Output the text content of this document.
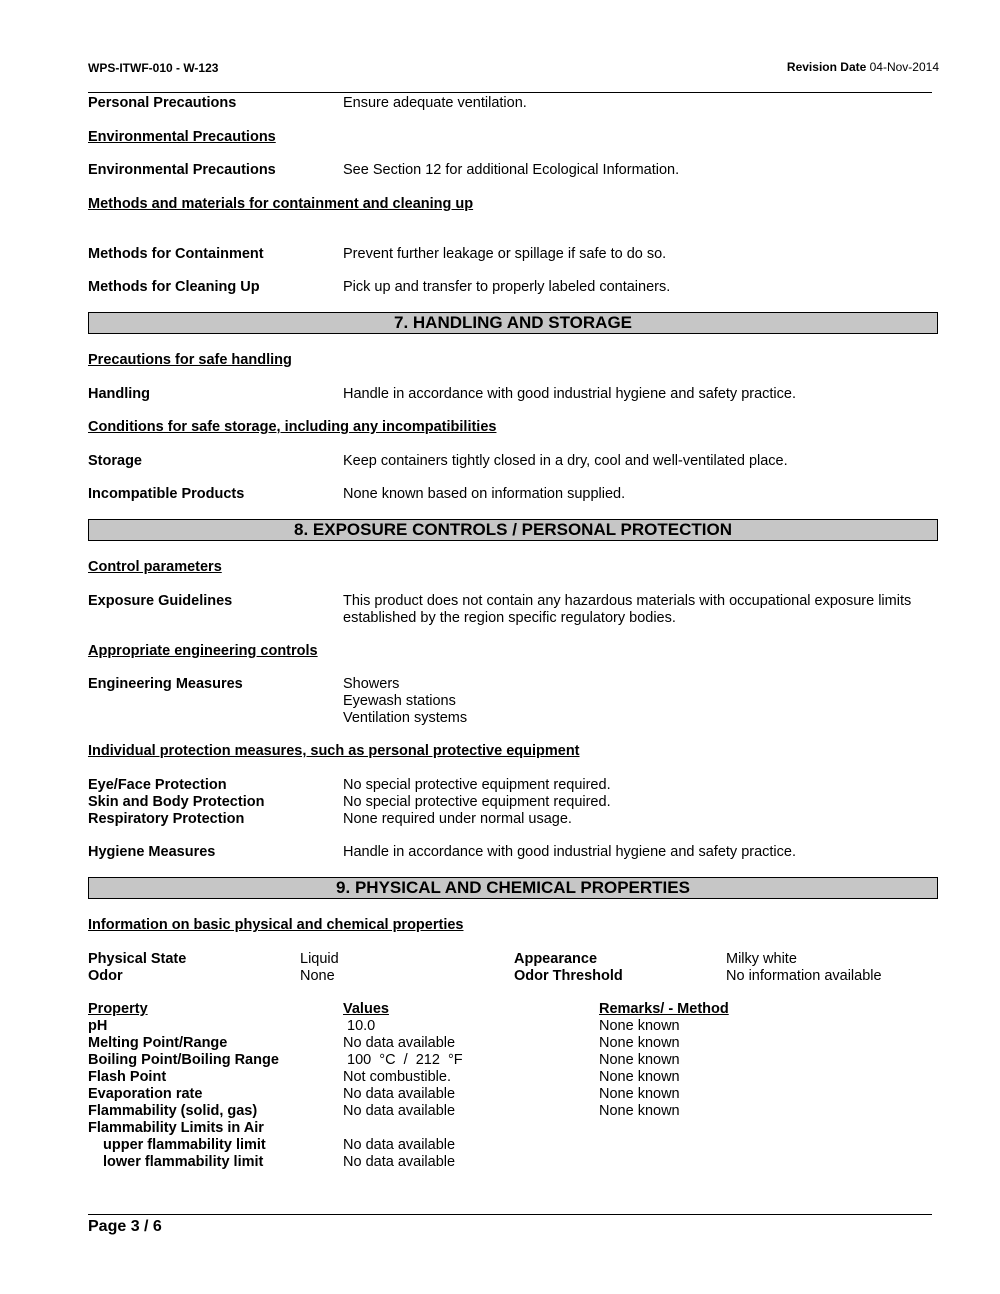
WPS-ITWF-010 - W-123	Revision Date 04-Nov-2014
Personal Precautions	Ensure adequate ventilation.
Environmental Precautions
Environmental Precautions	See Section 12 for additional Ecological Information.
Methods and materials for containment and cleaning up
Methods for Containment	Prevent further leakage or spillage if safe to do so.
Methods for Cleaning Up	Pick up and transfer to properly labeled containers.
7. HANDLING AND STORAGE
Precautions for safe handling
Handling	Handle in accordance with good industrial hygiene and safety practice.
Conditions for safe storage, including any incompatibilities
Storage	Keep containers tightly closed in a dry, cool and well-ventilated place.
Incompatible Products	None known based on information supplied.
8. EXPOSURE CONTROLS / PERSONAL PROTECTION
Control parameters
Exposure Guidelines	This product does not contain any hazardous materials with occupational exposure limits
established by the region specific regulatory bodies.
Appropriate engineering controls
Engineering Measures	Showers
Eyewash stations
Ventilation systems
Individual protection measures, such as personal protective equipment
Eye/Face Protection	No special protective equipment required.
Skin and Body Protection	No special protective equipment required.
Respiratory Protection	None required under normal usage.
Hygiene Measures	Handle in accordance with good industrial hygiene and safety practice.
9. PHYSICAL AND CHEMICAL PROPERTIES
Information on basic physical and chemical properties
Physical State	Liquid	Appearance	Milky white
Odor	None	Odor Threshold	No information available
Property	Values	Remarks/ - Method
pH	10.0	None known
Melting Point/Range	No data available	None known
Boiling Point/Boiling Range	100  °C  /  212  °F	None known
Flash Point	Not combustible.	None known
Evaporation rate	No data available	None known
Flammability (solid, gas)	No data available	None known
Flammability Limits in Air
upper flammability limit	No data available
lower flammability limit	No data available
Page 3 / 6
